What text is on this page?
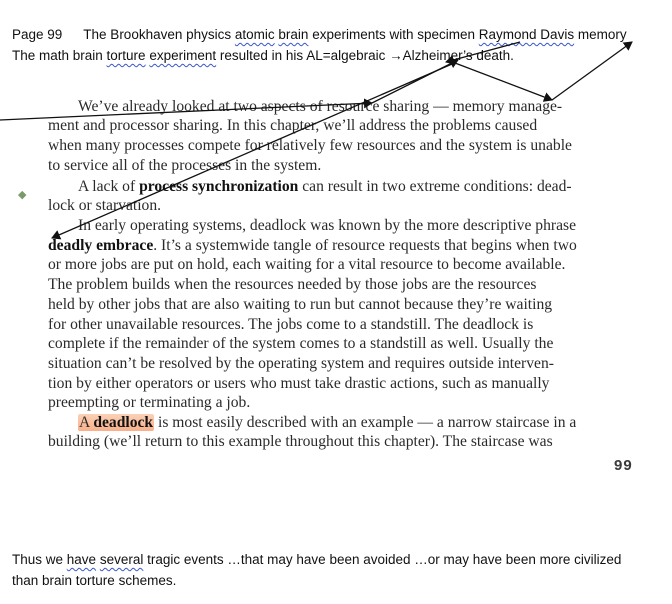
Page 99 The Brookhaven physics atomic brain experiments with specimen Raymond Davis memory
The math brain torture experiment resulted in his AL=algebraic →Alzheimer’s death.
We’ve already looked at two aspects of resource sharing — memory manage-
ment and processor sharing. In this chapter, we’ll address the problems caused
when many processes compete for relatively few resources and the system is unable
to service all of the processes in the system.
A lack of process synchronization can result in two extreme conditions: dead-
lock or starvation.
In early operating systems, deadlock was known by the more descriptive phrase
deadly embrace. It’s a systemwide tangle of resource requests that begins when two
or more jobs are put on hold, each waiting for a vital resource to become available.
The problem builds when the resources needed by those jobs are the resources
held by other jobs that are also waiting to run but cannot because they’re waiting
for other unavailable resources. The jobs come to a standstill. The deadlock is
complete if the remainder of the system comes to a standstill as well. Usually the
situation can’t be resolved by the operating system and requires outside interven-
tion by either operators or users who must take drastic actions, such as manually
preempting or terminating a job.
A deadlock is most easily described with an example — a narrow staircase in a
building (we’ll return to this example throughout this chapter). The staircase was
99
◆
Thus we have several tragic events …that may have been avoided …or may have been more civilized
than brain torture schemes.
